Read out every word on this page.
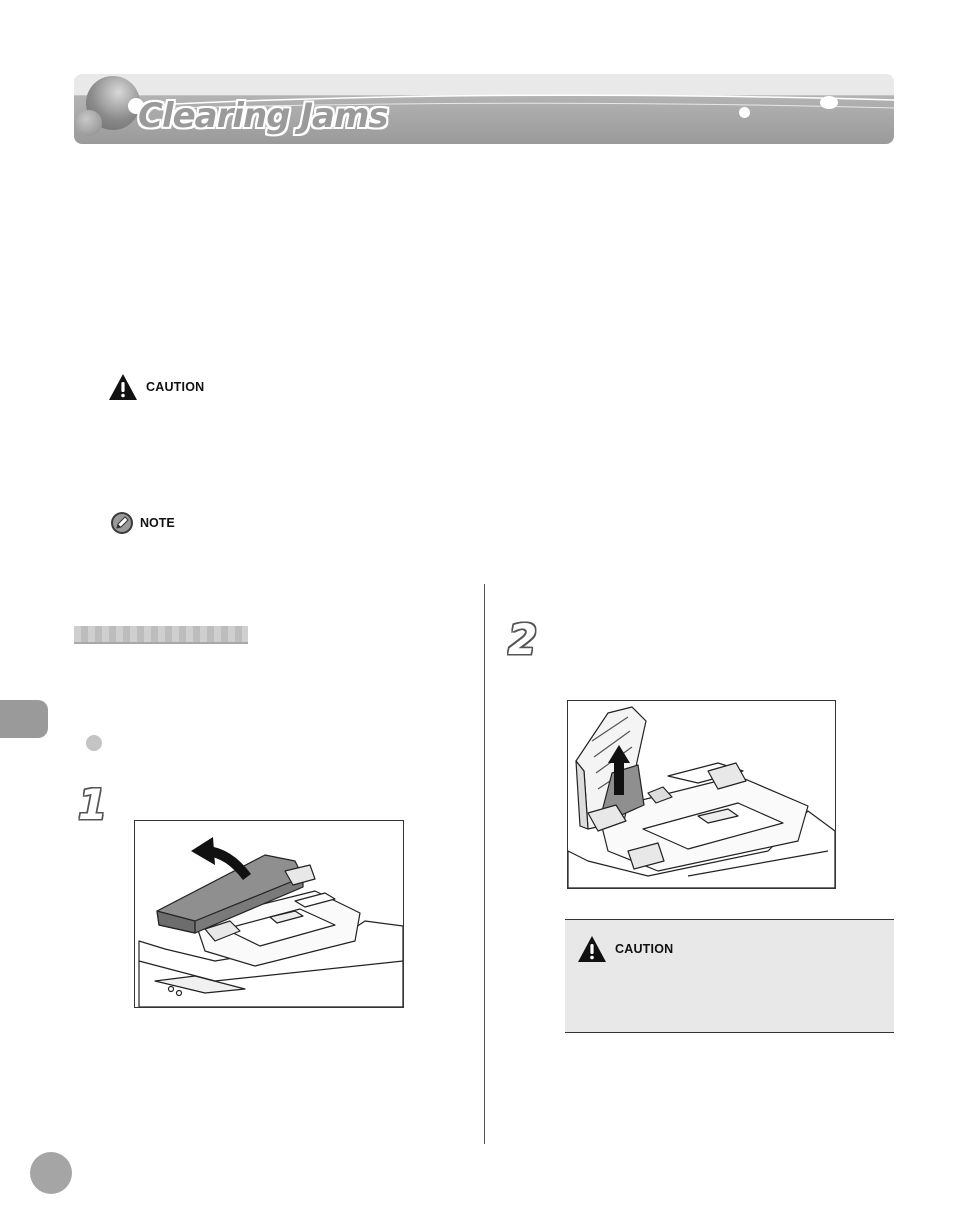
Clearing Jams
CAUTION
NOTE
1
2
CAUTION
